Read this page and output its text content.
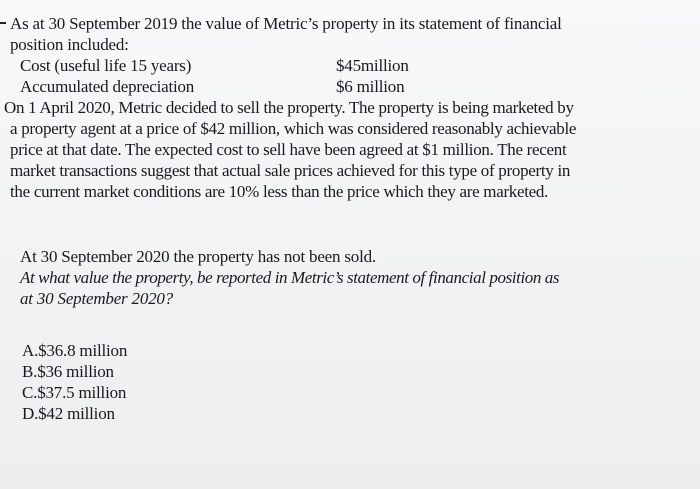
As at 30 September 2019 the value of Metric’s property in its statement of financial
position included:
Cost (useful life 15 years)	$45million
Accumulated depreciation	$6 million
On 1 April 2020, Metric decided to sell the property. The property is being marketed by
a property agent at a price of $42 million, which was considered reasonably achievable
price at that date. The expected cost to sell have been agreed at $1 million. The recent
market transactions suggest that actual sale prices achieved for this type of property in
the current market conditions are 10% less than the price which they are marketed.
At 30 September 2020 the property has not been sold.
At what value the property, be reported in Metric’s statement of financial position as
at 30 September 2020?
A.$36.8 million
B.$36 million
C.$37.5 million
D.$42 million
